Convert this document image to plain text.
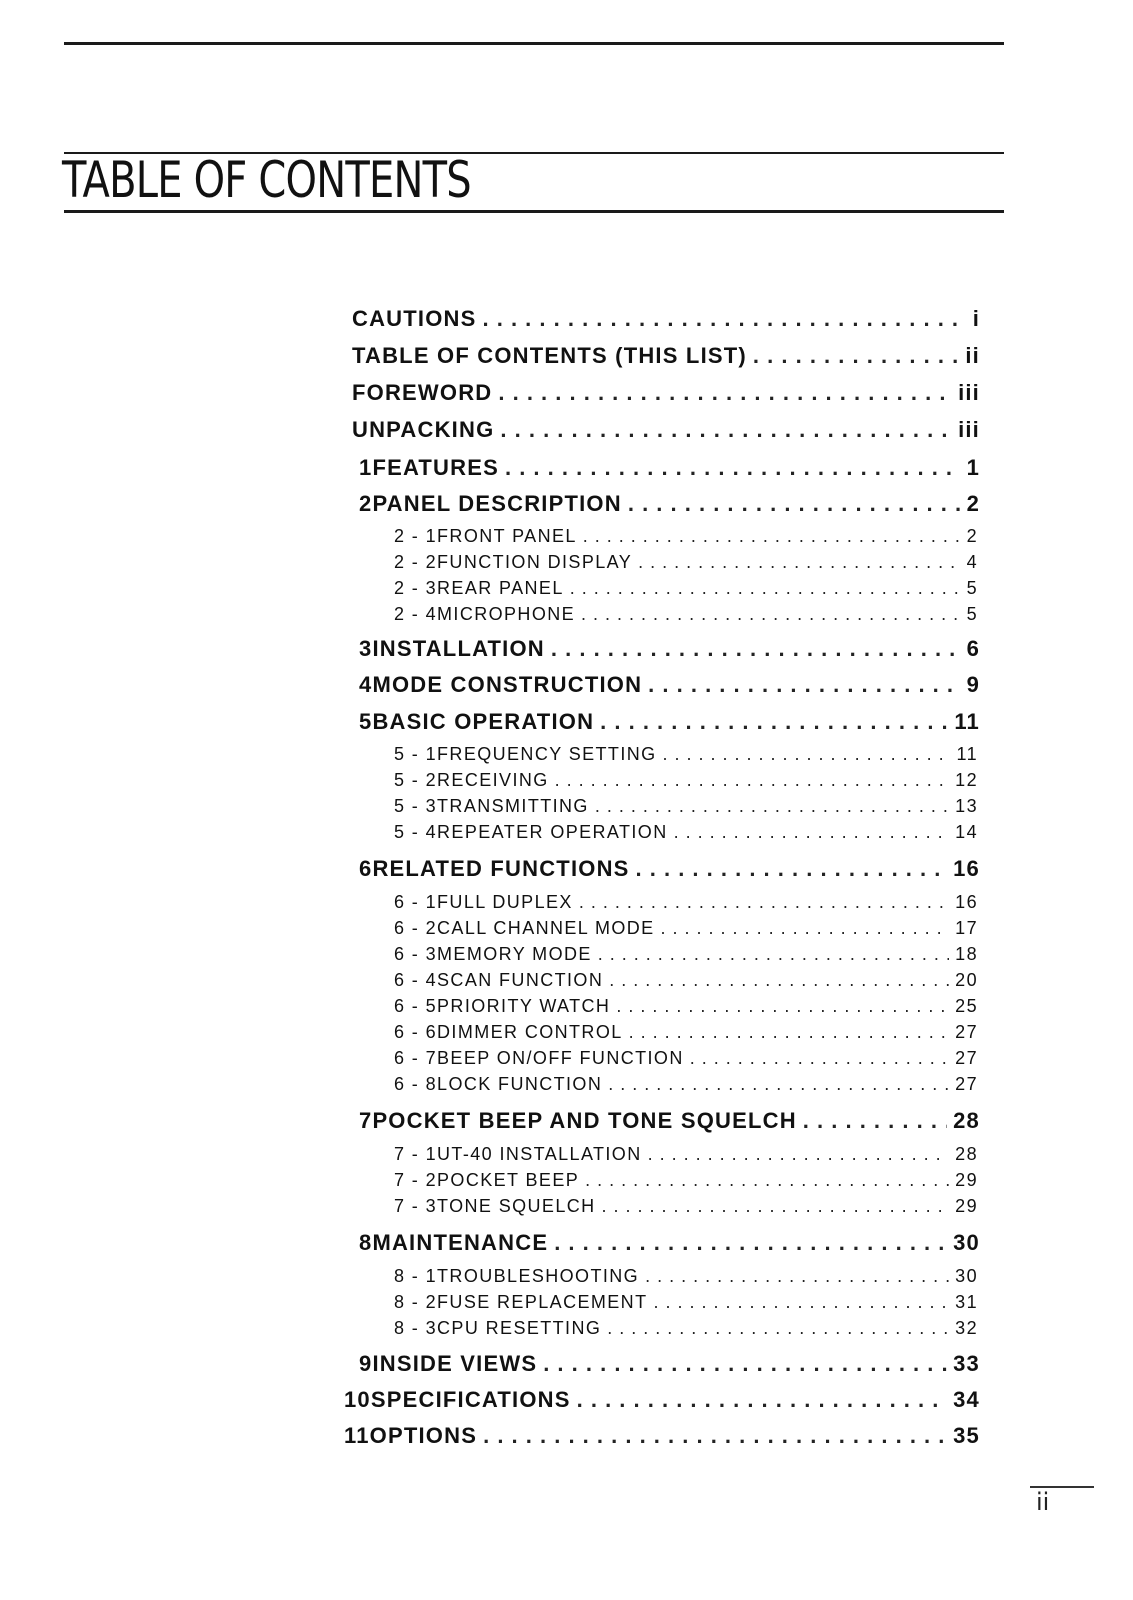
TABLE OF CONTENTS
CAUTIONS . . .	i
TABLE OF CONTENTS (THIS LIST) . . .	ii
FOREWORD . . .	iii
UNPACKING . . .	iii
1 FEATURES . . .	1
2 PANEL DESCRIPTION . . .	2
2 - 1 FRONT PANEL . . .	2
2 - 2 FUNCTION DISPLAY . . .	4
2 - 3 REAR PANEL . . .	5
2 - 4 MICROPHONE . . .	5
3 INSTALLATION . . .	6
4 MODE CONSTRUCTION . . .	9
5 BASIC OPERATION . . .	11
5 - 1 FREQUENCY SETTING . . .	11
5 - 2 RECEIVING . . .	12
5 - 3 TRANSMITTING . . .	13
5 - 4 REPEATER OPERATION . . .	14
6 RELATED FUNCTIONS . . .	16
6 - 1 FULL DUPLEX . . .	16
6 - 2 CALL CHANNEL MODE . . .	17
6 - 3 MEMORY MODE . . .	18
6 - 4 SCAN FUNCTION . . .	20
6 - 5 PRIORITY WATCH . . .	25
6 - 6 DIMMER CONTROL . . .	27
6 - 7 BEEP ON/OFF FUNCTION . . .	27
6 - 8 LOCK FUNCTION . . .	27
7 POCKET BEEP AND TONE SQUELCH . . .	28
7 - 1 UT-40 INSTALLATION . . .	28
7 - 2 POCKET BEEP . . .	29
7 - 3 TONE SQUELCH . . .	29
8 MAINTENANCE . . .	30
8 - 1 TROUBLESHOOTING . . .	30
8 - 2 FUSE REPLACEMENT . . .	31
8 - 3 CPU RESETTING . . .	32
9 INSIDE VIEWS . . .	33
10 SPECIFICATIONS . . .	34
11 OPTIONS . . .	35
ii
